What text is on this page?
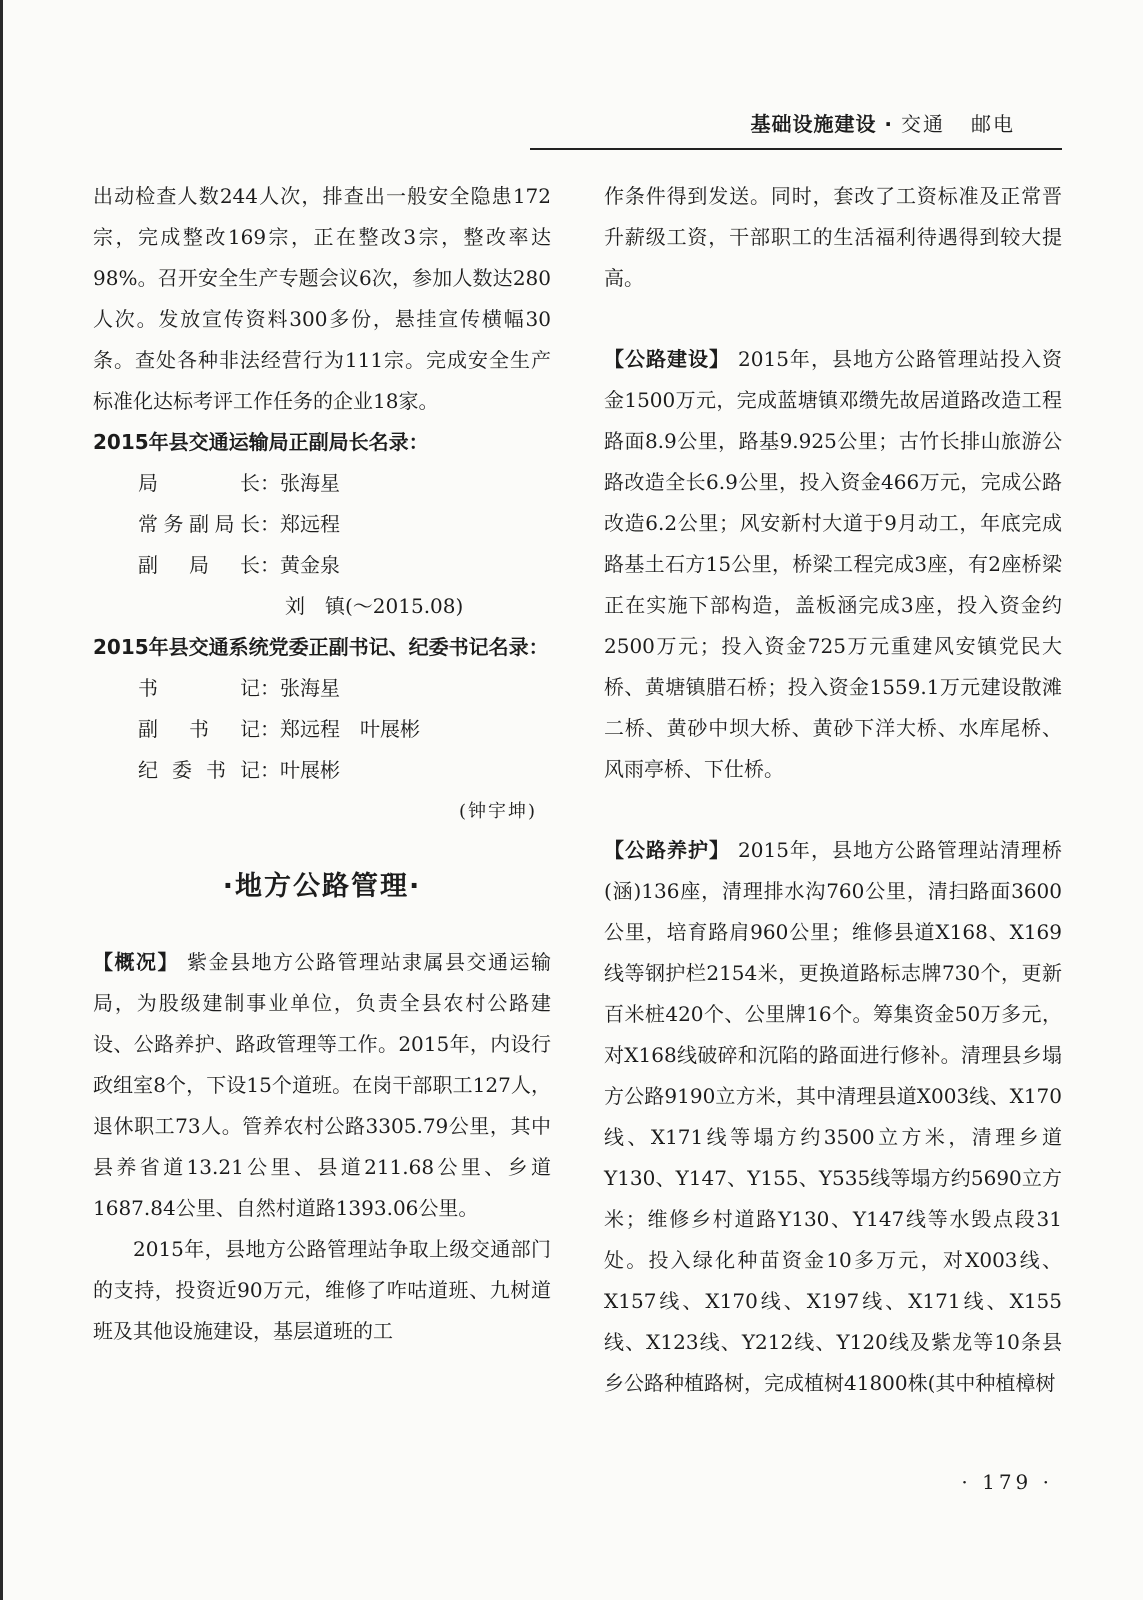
基础设施建设 · 交通 邮电

出动检查人数244人次，排查出一般安全隐患172宗，完成整改169宗，正在整改3宗，整改率达98%。召开安全生产专题会议6次，参加人数达280人次。发放宣传资料300多份，悬挂宣传横幅30条。查处各种非法经营行为111宗。完成安全生产标准化达标考评工作任务的企业18家。

2015年县交通运输局正副局长名录：

局长：张海星
常务副局长：郑远程
副局长：黄金泉
刘　镇(～2015.08)

2015年县交通系统党委正副书记、纪委书记名录：

书记：张海星
副书记：郑远程　叶展彬
纪委书记：叶展彬
(钟宇坤)
·地方公路管理·

【概况】 紫金县地方公路管理站隶属县交通运输局，为股级建制事业单位，负责全县农村公路建设、公路养护、路政管理等工作。2015年，内设行政组室8个，下设15个道班。在岗干部职工127人，退休职工73人。管养农村公路3305.79公里，其中县养省道13.21公里、县道211.68公里、乡道1687.84公里、自然村道路1393.06公里。

2015年，县地方公路管理站争取上级交通部门的支持，投资近90万元，维修了咋咕道班、九树道班及其他设施建设，基层道班的工

作条件得到发送。同时，套改了工资标准及正常晋升薪级工资，干部职工的生活福利待遇得到较大提高。

【公路建设】 2015年，县地方公路管理站投入资金1500万元，完成蓝塘镇邓缵先故居道路改造工程路面8.9公里，路基9.925公里；古竹长排山旅游公路改造全长6.9公里，投入资金466万元，完成公路改造6.2公里；风安新村大道于9月动工，年底完成路基土石方15公里，桥梁工程完成3座，有2座桥梁正在实施下部构造，盖板涵完成3座，投入资金约2500万元；投入资金725万元重建风安镇党民大桥、黄塘镇腊石桥；投入资金1559.1万元建设散滩二桥、黄砂中坝大桥、黄砂下洋大桥、水库尾桥、风雨亭桥、下仕桥。

【公路养护】 2015年，县地方公路管理站清理桥(涵)136座，清理排水沟760公里，清扫路面3600公里，培育路肩960公里；维修县道X168、X169线等钢护栏2154米，更换道路标志牌730个，更新百米桩420个、公里牌16个。筹集资金50万多元，对X168线破碎和沉陷的路面进行修补。清理县乡塌方公路9190立方米，其中清理县道X003线、X170线、X171线等塌方约3500立方米，清理乡道Y130、Y147、Y155、Y535线等塌方约5690立方米；维修乡村道路Y130、Y147线等水毁点段31处。投入绿化种苗资金10多万元，对X003线、X157线、X170线、X197线、X171线、X155线、X123线、Y212线、Y120线及紫龙等10条县乡公路种植路树，完成植树41800株(其中种植樟树

· 179 ·
